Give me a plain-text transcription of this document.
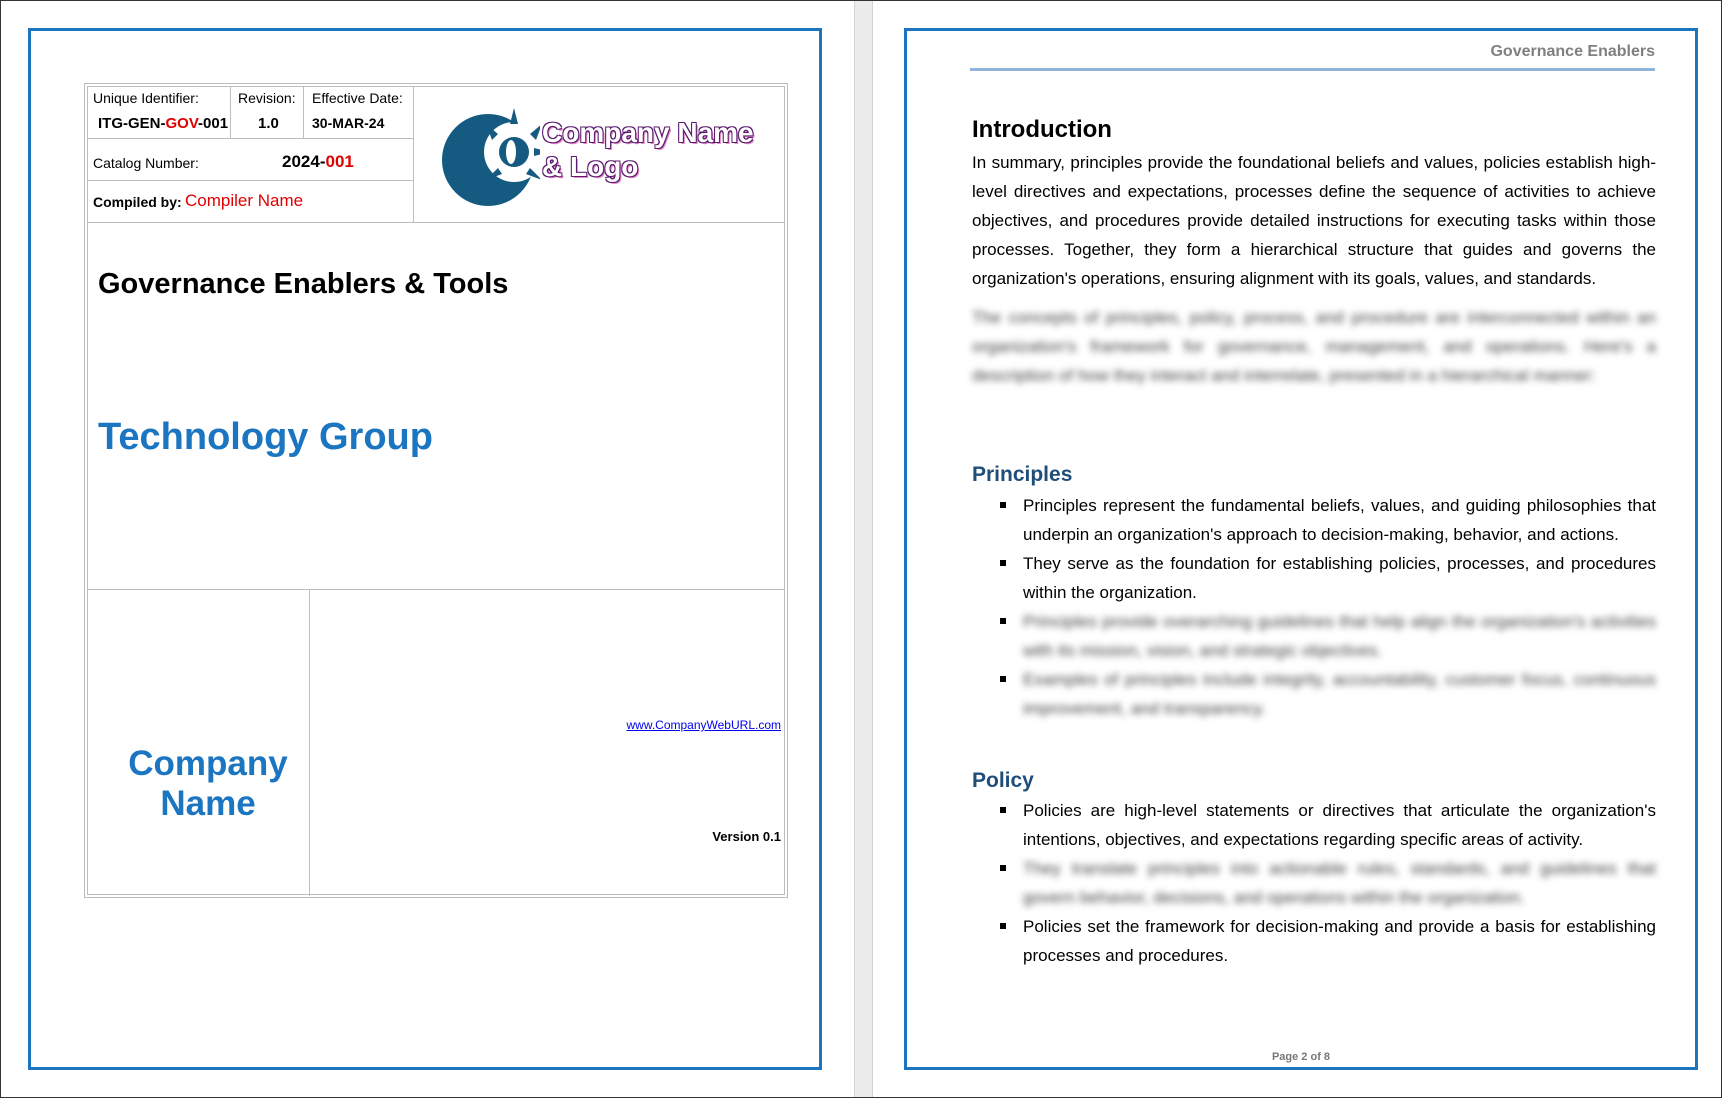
Unique Identifier:
ITG-GEN-GOV-001
Revision:
1.0
Effective Date:
30-MAR-24
Catalog Number:	2024-001
Compiled by: Compiler Name
Company Name
& Logo
Governance Enablers & Tools
Technology Group
Company
Name
www.CompanyWebURL.com
Version 0.1
Governance Enablers
Introduction

In summary, principles provide the foundational beliefs and values, policies establish high-level directives and expectations, processes define the sequence of activities to achieve objectives, and procedures provide detailed instructions for executing tasks within those processes. Together, they form a hierarchical structure that guides and governs the organization's operations, ensuring alignment with its goals, values, and standards.

The concepts of principles, policy, process, and procedure are interconnected within an organization's framework for governance, management, and operations. Here's a description of how they interact and interrelate, presented in a hierarchical manner:

Principles
Principles represent the fundamental beliefs, values, and guiding philosophies that underpin an organization's approach to decision-making, behavior, and actions.
They serve as the foundation for establishing policies, processes, and procedures within the organization.
Principles provide overarching guidelines that help align the organization's activities with its mission, vision, and strategic objectives.
Examples of principles include integrity, accountability, customer focus, continuous improvement, and transparency.
Policy
Policies are high-level statements or directives that articulate the organization's intentions, objectives, and expectations regarding specific areas of activity.
They translate principles into actionable rules, standards, and guidelines that govern behavior, decisions, and operations within the organization.
Policies set the framework for decision-making and provide a basis for establishing processes and procedures.
Page 2 of 8
